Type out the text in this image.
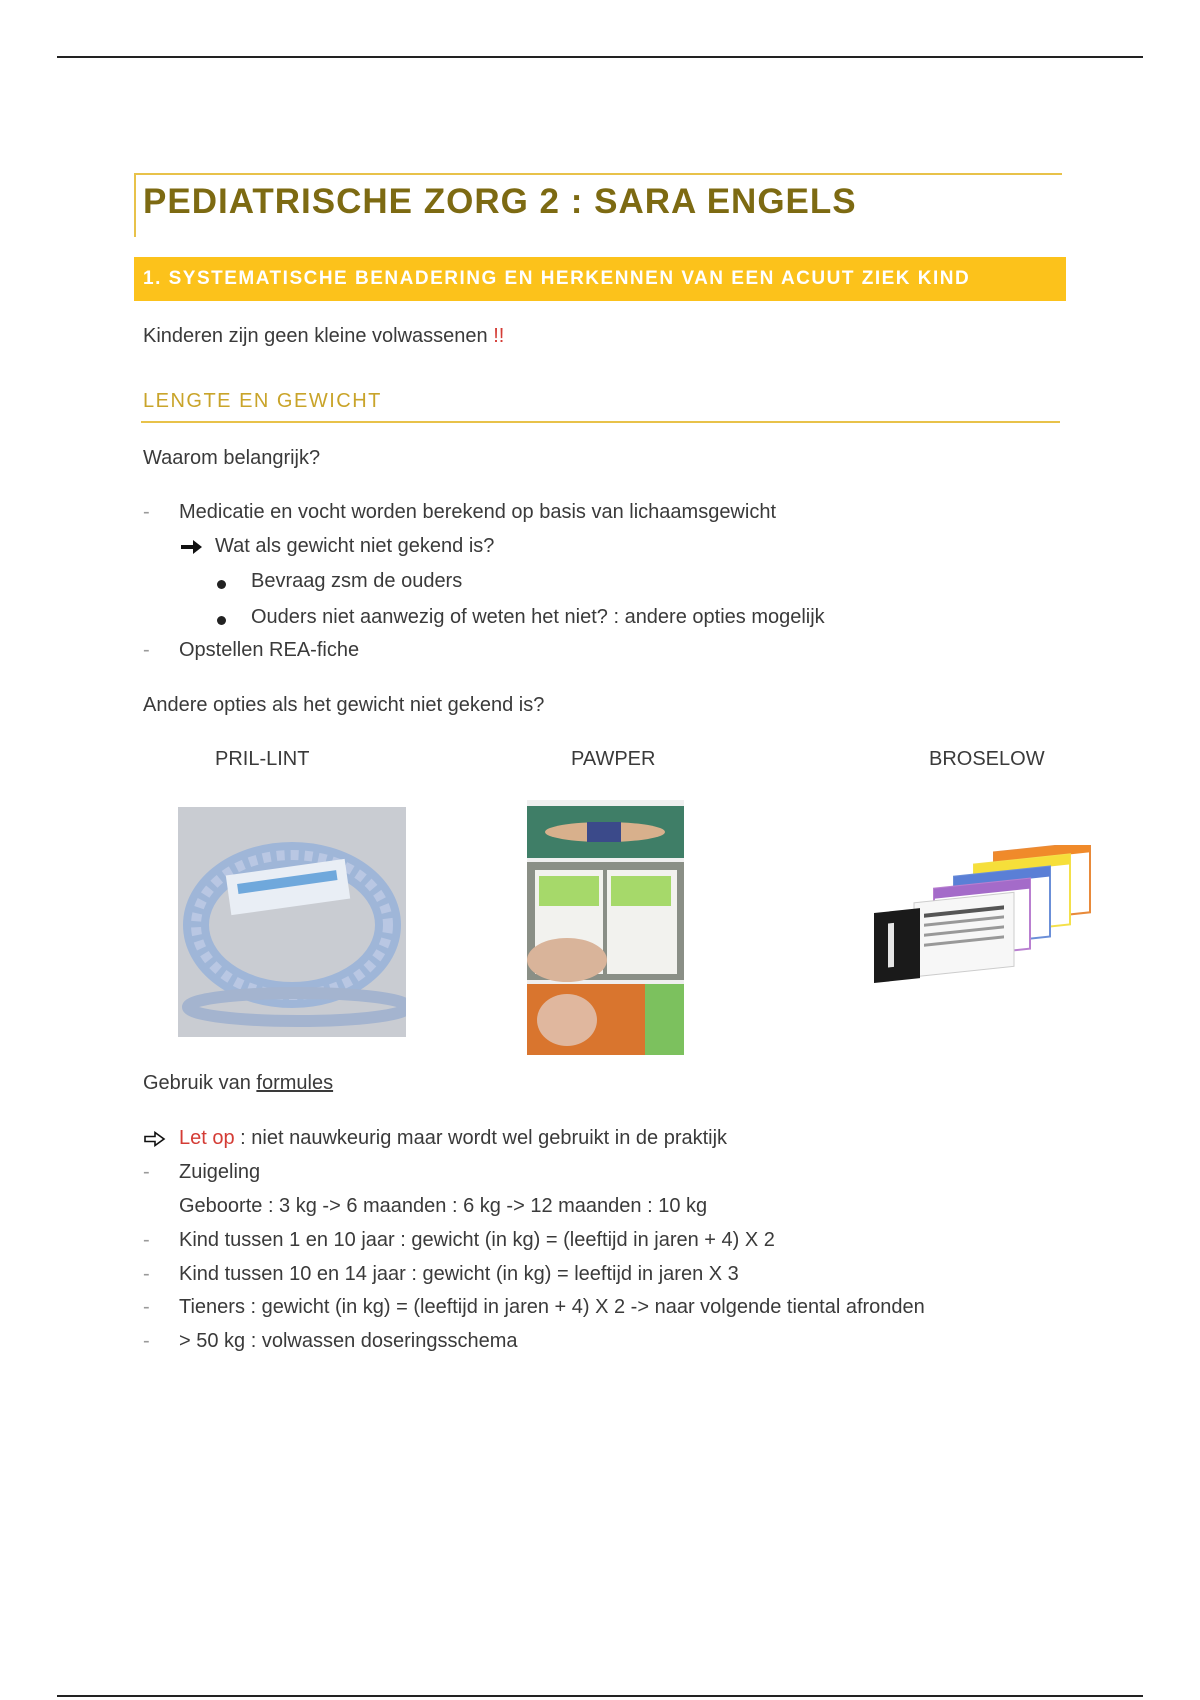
PEDIATRISCHE ZORG 2 : SARA ENGELS
1. SYSTEMATISCHE BENADERING EN HERKENNEN VAN EEN ACUUT ZIEK KIND
Kinderen zijn geen kleine volwassenen !!
LENGTE EN GEWICHT
Waarom belangrijk?
- Medicatie en vocht worden berekend op basis van lichaamsgewicht
Wat als gewicht niet gekend is?
Bevraag zsm de ouders
Ouders niet aanwezig of weten het niet? : andere opties mogelijk
- Opstellen REA-fiche
Andere opties als het gewicht niet gekend is?
PRIL-LINT	PAWPER	BROSELOW
Gebruik van formules
Let op : niet nauwkeurig maar wordt wel gebruikt in de praktijk
- Zuigeling
Geboorte : 3 kg -> 6 maanden : 6 kg -> 12 maanden : 10 kg
- Kind tussen 1 en 10 jaar : gewicht (in kg) = (leeftijd in jaren + 4) X 2
- Kind tussen 10 en 14 jaar : gewicht (in kg) = leeftijd in jaren X 3
- Tieners : gewicht (in kg) = (leeftijd in jaren + 4) X 2 -> naar volgende tiental afronden
- > 50 kg : volwassen doseringsschema
